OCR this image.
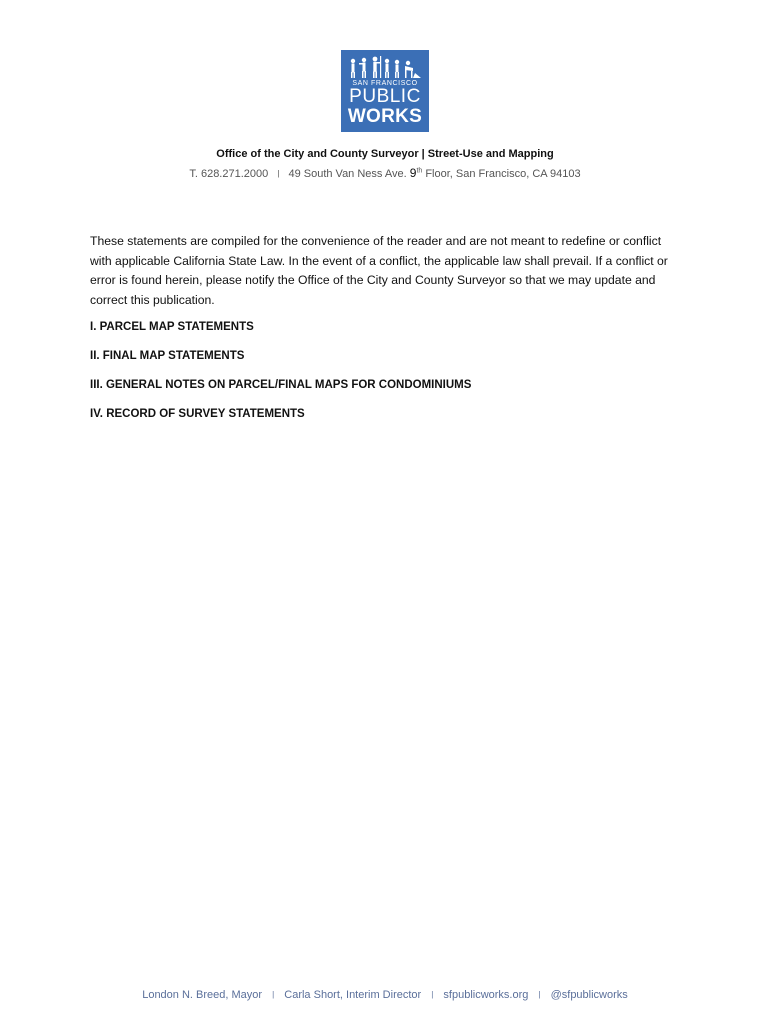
SAN FRANCISCO
PUBLIC
WORKS
Office of the City and County Surveyor | Street-Use and Mapping
T. 628.271.2000 | 49 South Van Ness Ave. 9th Floor, San Francisco, CA 94103
These statements are compiled for the convenience of the reader and are not meant to redefine or conflict with applicable California State Law. In the event of a conflict, the applicable law shall prevail. If a conflict or error is found herein, please notify the Office of the City and County Surveyor so that we may update and correct this publication.
I. PARCEL MAP STATEMENTS
II. FINAL MAP STATEMENTS
III. GENERAL NOTES ON PARCEL/FINAL MAPS FOR CONDOMINIUMS
IV. RECORD OF SURVEY STATEMENTS
London N. Breed, Mayor | Carla Short, Interim Director | sfpublicworks.org | @sfpublicworks
